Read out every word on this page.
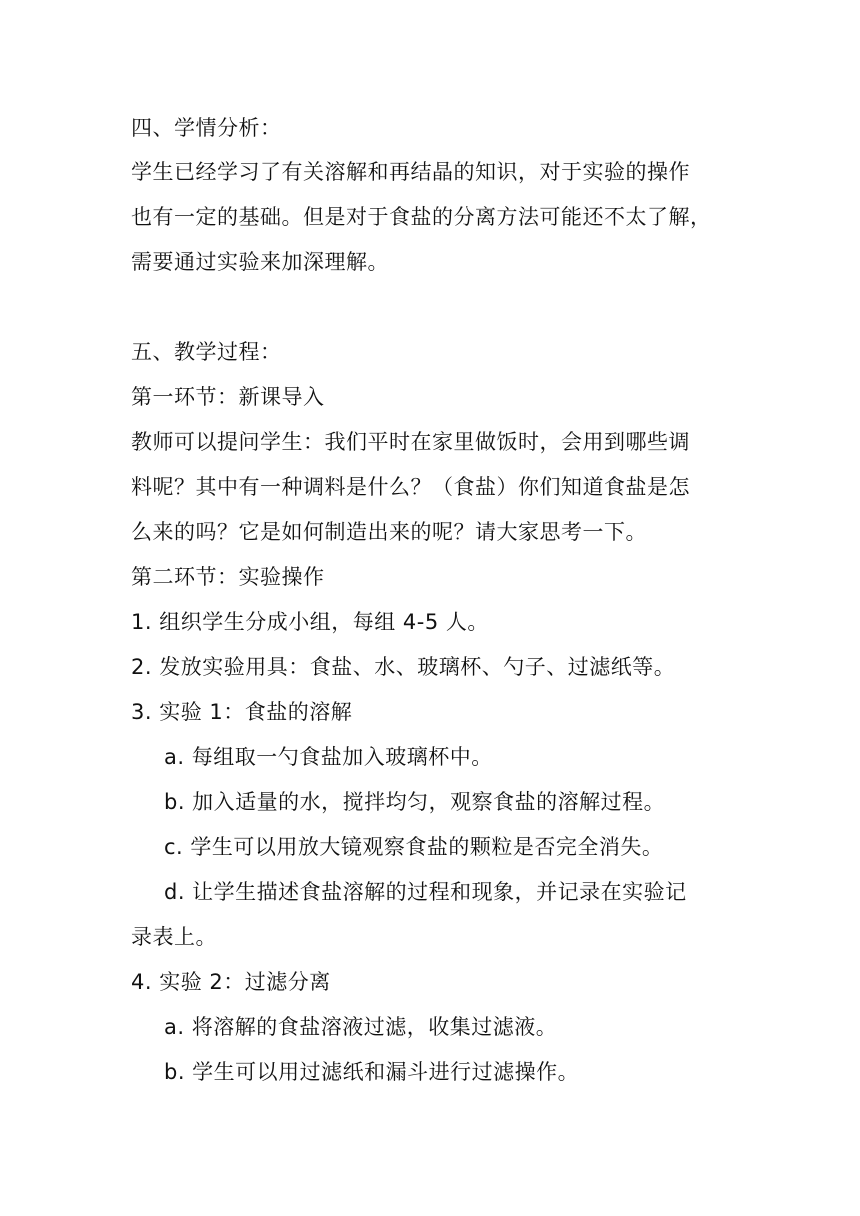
四、学情分析：
学生已经学习了有关溶解和再结晶的知识，对于实验的操作
也有一定的基础。但是对于食盐的分离方法可能还不太了解，
需要通过实验来加深理解。
五、教学过程：
第一环节：新课导入
教师可以提问学生：我们平时在家里做饭时，会用到哪些调
料呢？其中有一种调料是什么？（食盐）你们知道食盐是怎
么来的吗？它是如何制造出来的呢？请大家思考一下。
第二环节：实验操作
1. 组织学生分成小组，每组 4-5 人。
2. 发放实验用具：食盐、水、玻璃杯、勺子、过滤纸等。
3. 实验 1：食盐的溶解
a. 每组取一勺食盐加入玻璃杯中。
b. 加入适量的水，搅拌均匀，观察食盐的溶解过程。
c. 学生可以用放大镜观察食盐的颗粒是否完全消失。
d. 让学生描述食盐溶解的过程和现象，并记录在实验记
录表上。
4. 实验 2：过滤分离
a. 将溶解的食盐溶液过滤，收集过滤液。
b. 学生可以用过滤纸和漏斗进行过滤操作。
